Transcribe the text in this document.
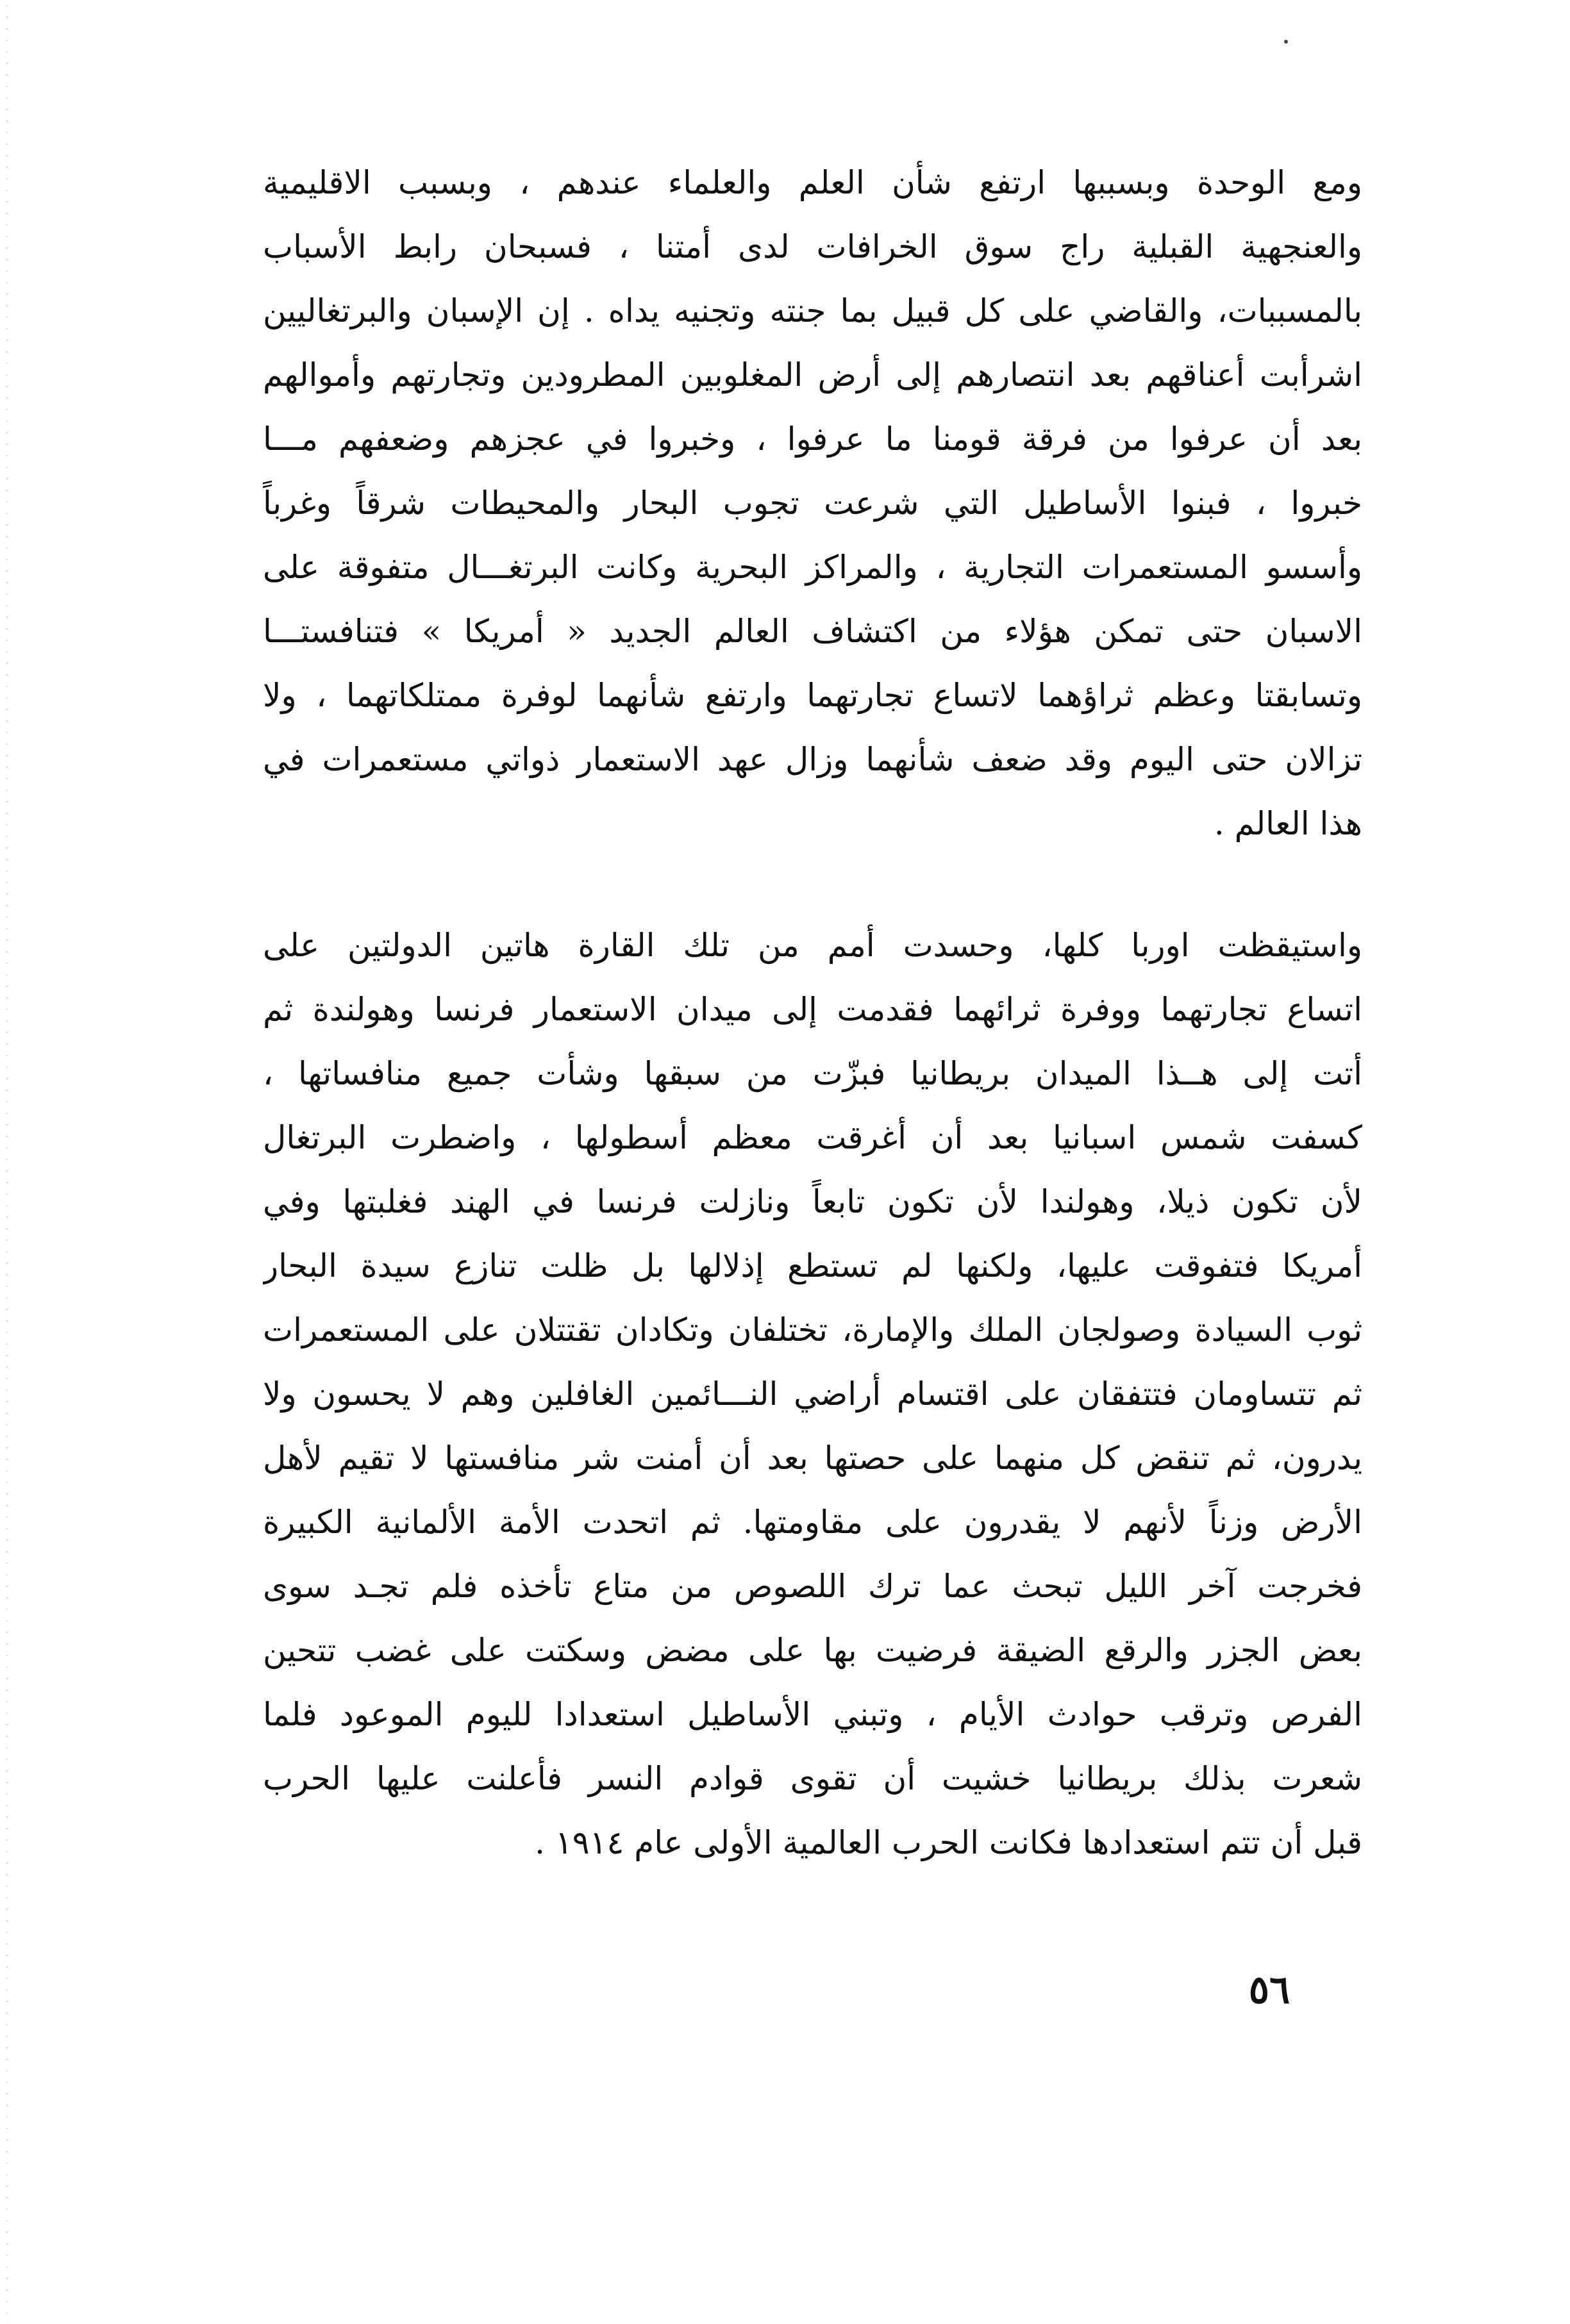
ومع الوحدة وبسببها ارتفع شأن العلم والعلماء عندهم ، وبسبب الاقليمية
والعنجهية القبلية راج سوق الخرافات لدى أمتنا ، فسبحان رابط الأسباب
بالمسببات، والقاضي على كل قبيل بما جنته وتجنيه يداه . إن الإسبان والبرتغاليين
اشرأبت أعناقهم بعد انتصارهم إلى أرض المغلوبين المطرودين وتجارتهم وأموالهم
بعد أن عرفوا من فرقة قومنا ما عرفوا ، وخبروا في عجزهم وضعفهم مـــا
خبروا ، فبنوا الأساطيل التي شرعت تجوب البحار والمحيطات شرقاً وغرباً
وأسسو المستعمرات التجارية ، والمراكز البحرية وكانت البرتغـــال متفوقة على
الاسبان حتى تمكن هؤلاء من اكتشاف العالم الجديد « أمريكا » فتنافستـــا
وتسابقتا وعظم ثراؤهما لاتساع تجارتهما وارتفع شأنهما لوفرة ممتلكاتهما ، ولا
تزالان حتى اليوم وقد ضعف شأنهما وزال عهد الاستعمار ذواتي مستعمرات في
هذا العالم .
واستيقظت اوربا كلها، وحسدت أمم من تلك القارة هاتين الدولتين على
اتساع تجارتهما ووفرة ثرائهما فقدمت إلى ميدان الاستعمار فرنسا وهولندة ثم
أتت إلى هــذا الميدان بريطانيا فبزّت من سبقها وشأت جميع منافساتها ،
كسفت شمس اسبانيا بعد أن أغرقت معظم أسطولها ، واضطرت البرتغال
لأن تكون ذيلا، وهولندا لأن تكون تابعاً ونازلت فرنسا في الهند فغلبتها وفي
أمريكا فتفوقت عليها، ولكنها لم تستطع إذلالها بل ظلت تنازع سيدة البحار
ثوب السيادة وصولجان الملك والإمارة، تختلفان وتكادان تقتتلان على المستعمرات
ثم تتساومان فتتفقان على اقتسام أراضي النـــائمين الغافلين وهم لا يحسون ولا
يدرون، ثم تنقض كل منهما على حصتها بعد أن أمنت شر منافستها لا تقيم لأهل
الأرض وزناً لأنهم لا يقدرون على مقاومتها. ثم اتحدت الأمة الألمانية الكبيرة
فخرجت آخر الليل تبحث عما ترك اللصوص من متاع تأخذه فلم تجـد سوى
بعض الجزر والرقع الضيقة فرضيت بها على مضض وسكتت على غضب تتحين
الفرص وترقب حوادث الأيام ، وتبني الأساطيل استعدادا لليوم الموعود فلما
شعرت بذلك بريطانيا خشيت أن تقوى قوادم النسر فأعلنت عليها الحرب
قبل أن تتم استعدادها فكانت الحرب العالمية الأولى عام ١٩١٤ .
٥٦
